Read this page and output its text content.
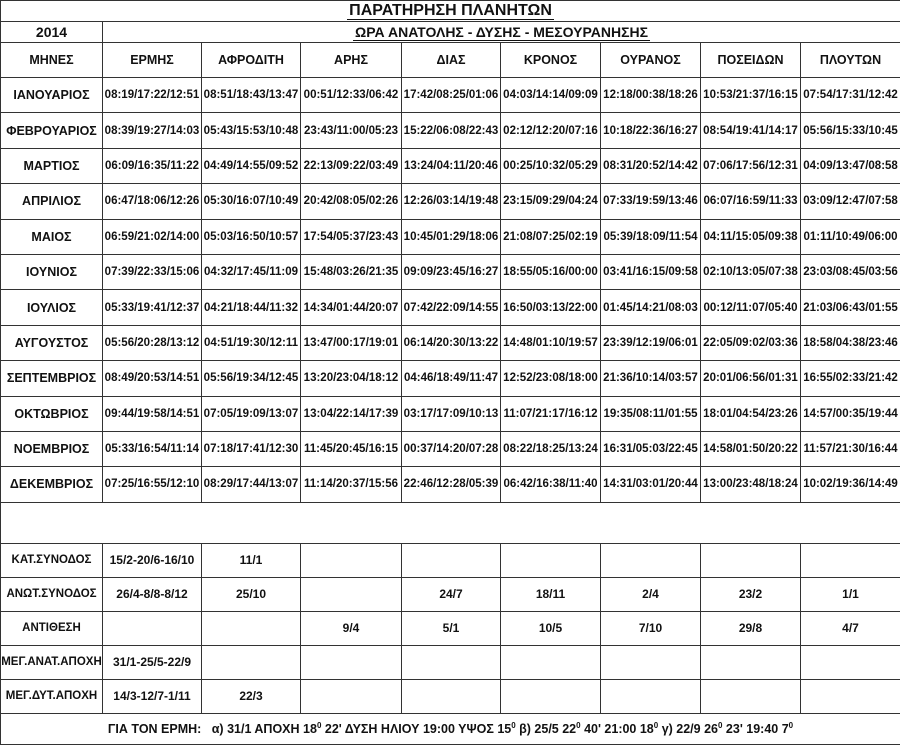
ΠΑΡΑΤΗΡΗΣΗ ΠΛΑΝΗΤΩΝ								
2014	ΩΡΑ ΑΝΑΤΟΛΗΣ - ΔΥΣΗΣ - ΜΕΣΟΥΡΑΝΗΣΗΣ							
ΜΗΝΕΣ	ΕΡΜΗΣ	ΑΦΡΟΔΙΤΗ	ΑΡΗΣ	ΔΙΑΣ	ΚΡΟΝΟΣ	ΟΥΡΑΝΟΣ	ΠΟΣΕΙΔΩΝ	ΠΛΟΥΤΩΝ
ΙΑΝΟΥΑΡΙΟΣ	08:19/17:22/12:51	08:51/18:43/13:47	00:51/12:33/06:42	17:42/08:25/01:06	04:03/14:14/09:09	12:18/00:38/18:26	10:53/21:37/16:15	07:54/17:31/12:42
ΦΕΒΡΟΥΑΡΙΟΣ	08:39/19:27/14:03	05:43/15:53/10:48	23:43/11:00/05:23	15:22/06:08/22:43	02:12/12:20/07:16	10:18/22:36/16:27	08:54/19:41/14:17	05:56/15:33/10:45
ΜΑΡΤΙΟΣ	06:09/16:35/11:22	04:49/14:55/09:52	22:13/09:22/03:49	13:24/04:11/20:46	00:25/10:32/05:29	08:31/20:52/14:42	07:06/17:56/12:31	04:09/13:47/08:58
ΑΠΡΙΛΙΟΣ	06:47/18:06/12:26	05:30/16:07/10:49	20:42/08:05/02:26	12:26/03:14/19:48	23:15/09:29/04:24	07:33/19:59/13:46	06:07/16:59/11:33	03:09/12:47/07:58
ΜΑΙΟΣ	06:59/21:02/14:00	05:03/16:50/10:57	17:54/05:37/23:43	10:45/01:29/18:06	21:08/07:25/02:19	05:39/18:09/11:54	04:11/15:05/09:38	01:11/10:49/06:00
ΙΟΥΝΙΟΣ	07:39/22:33/15:06	04:32/17:45/11:09	15:48/03:26/21:35	09:09/23:45/16:27	18:55/05:16/00:00	03:41/16:15/09:58	02:10/13:05/07:38	23:03/08:45/03:56
ΙΟΥΛΙΟΣ	05:33/19:41/12:37	04:21/18:44/11:32	14:34/01:44/20:07	07:42/22:09/14:55	16:50/03:13/22:00	01:45/14:21/08:03	00:12/11:07/05:40	21:03/06:43/01:55
ΑΥΓΟΥΣΤΟΣ	05:56/20:28/13:12	04:51/19:30/12:11	13:47/00:17/19:01	06:14/20:30/13:22	14:48/01:10/19:57	23:39/12:19/06:01	22:05/09:02/03:36	18:58/04:38/23:46
ΣΕΠΤΕΜΒΡΙΟΣ	08:49/20:53/14:51	05:56/19:34/12:45	13:20/23:04/18:12	04:46/18:49/11:47	12:52/23:08/18:00	21:36/10:14/03:57	20:01/06:56/01:31	16:55/02:33/21:42
ΟΚΤΩΒΡΙΟΣ	09:44/19:58/14:51	07:05/19:09/13:07	13:04/22:14/17:39	03:17/17:09/10:13	11:07/21:17/16:12	19:35/08:11/01:55	18:01/04:54/23:26	14:57/00:35/19:44
ΝΟΕΜΒΡΙΟΣ	05:33/16:54/11:14	07:18/17:41/12:30	11:45/20:45/16:15	00:37/14:20/07:28	08:22/18:25/13:24	16:31/05:03/22:45	14:58/01:50/20:22	11:57/21:30/16:44
ΔΕΚΕΜΒΡΙΟΣ	07:25/16:55/12:10	08:29/17:44/13:07	11:14/20:37/15:56	22:46/12:28/05:39	06:42/16:38/11:40	14:31/03:01/20:44	13:00/23:48/18:24	10:02/19:36/14:49

ΚΑΤ.ΣΥΝΟΔΟΣ	15/2-20/6-16/10	11/1						
ΑΝΩΤ.ΣΥΝΟΔΟΣ	26/4-8/8-8/12	25/10		24/7	18/11	2/4	23/2	1/1
ΑΝΤΙΘΕΣΗ			9/4	5/1	10/5	7/10	29/8	4/7
ΜΕΓ.ΑΝΑΤ.ΑΠΟΧΗ	31/1-25/5-22/9							
ΜΕΓ.ΔΥΤ.ΑΠΟΧΗ	14/3-12/7-1/11	22/3						
ΓΙΑ ΤΟΝ ΕΡΜΗ: α) 31/1 ΑΠΟΧΗ $18^0$ 22' ΔΥΣΗ ΗΛΙΟΥ 19:00 ΥΨΟΣ $15^0$ β) 25/5 $22^0$ 40' 21:00 $18^0$ γ) 22/9 $26^0$ 23' 19:40 $7^0$
